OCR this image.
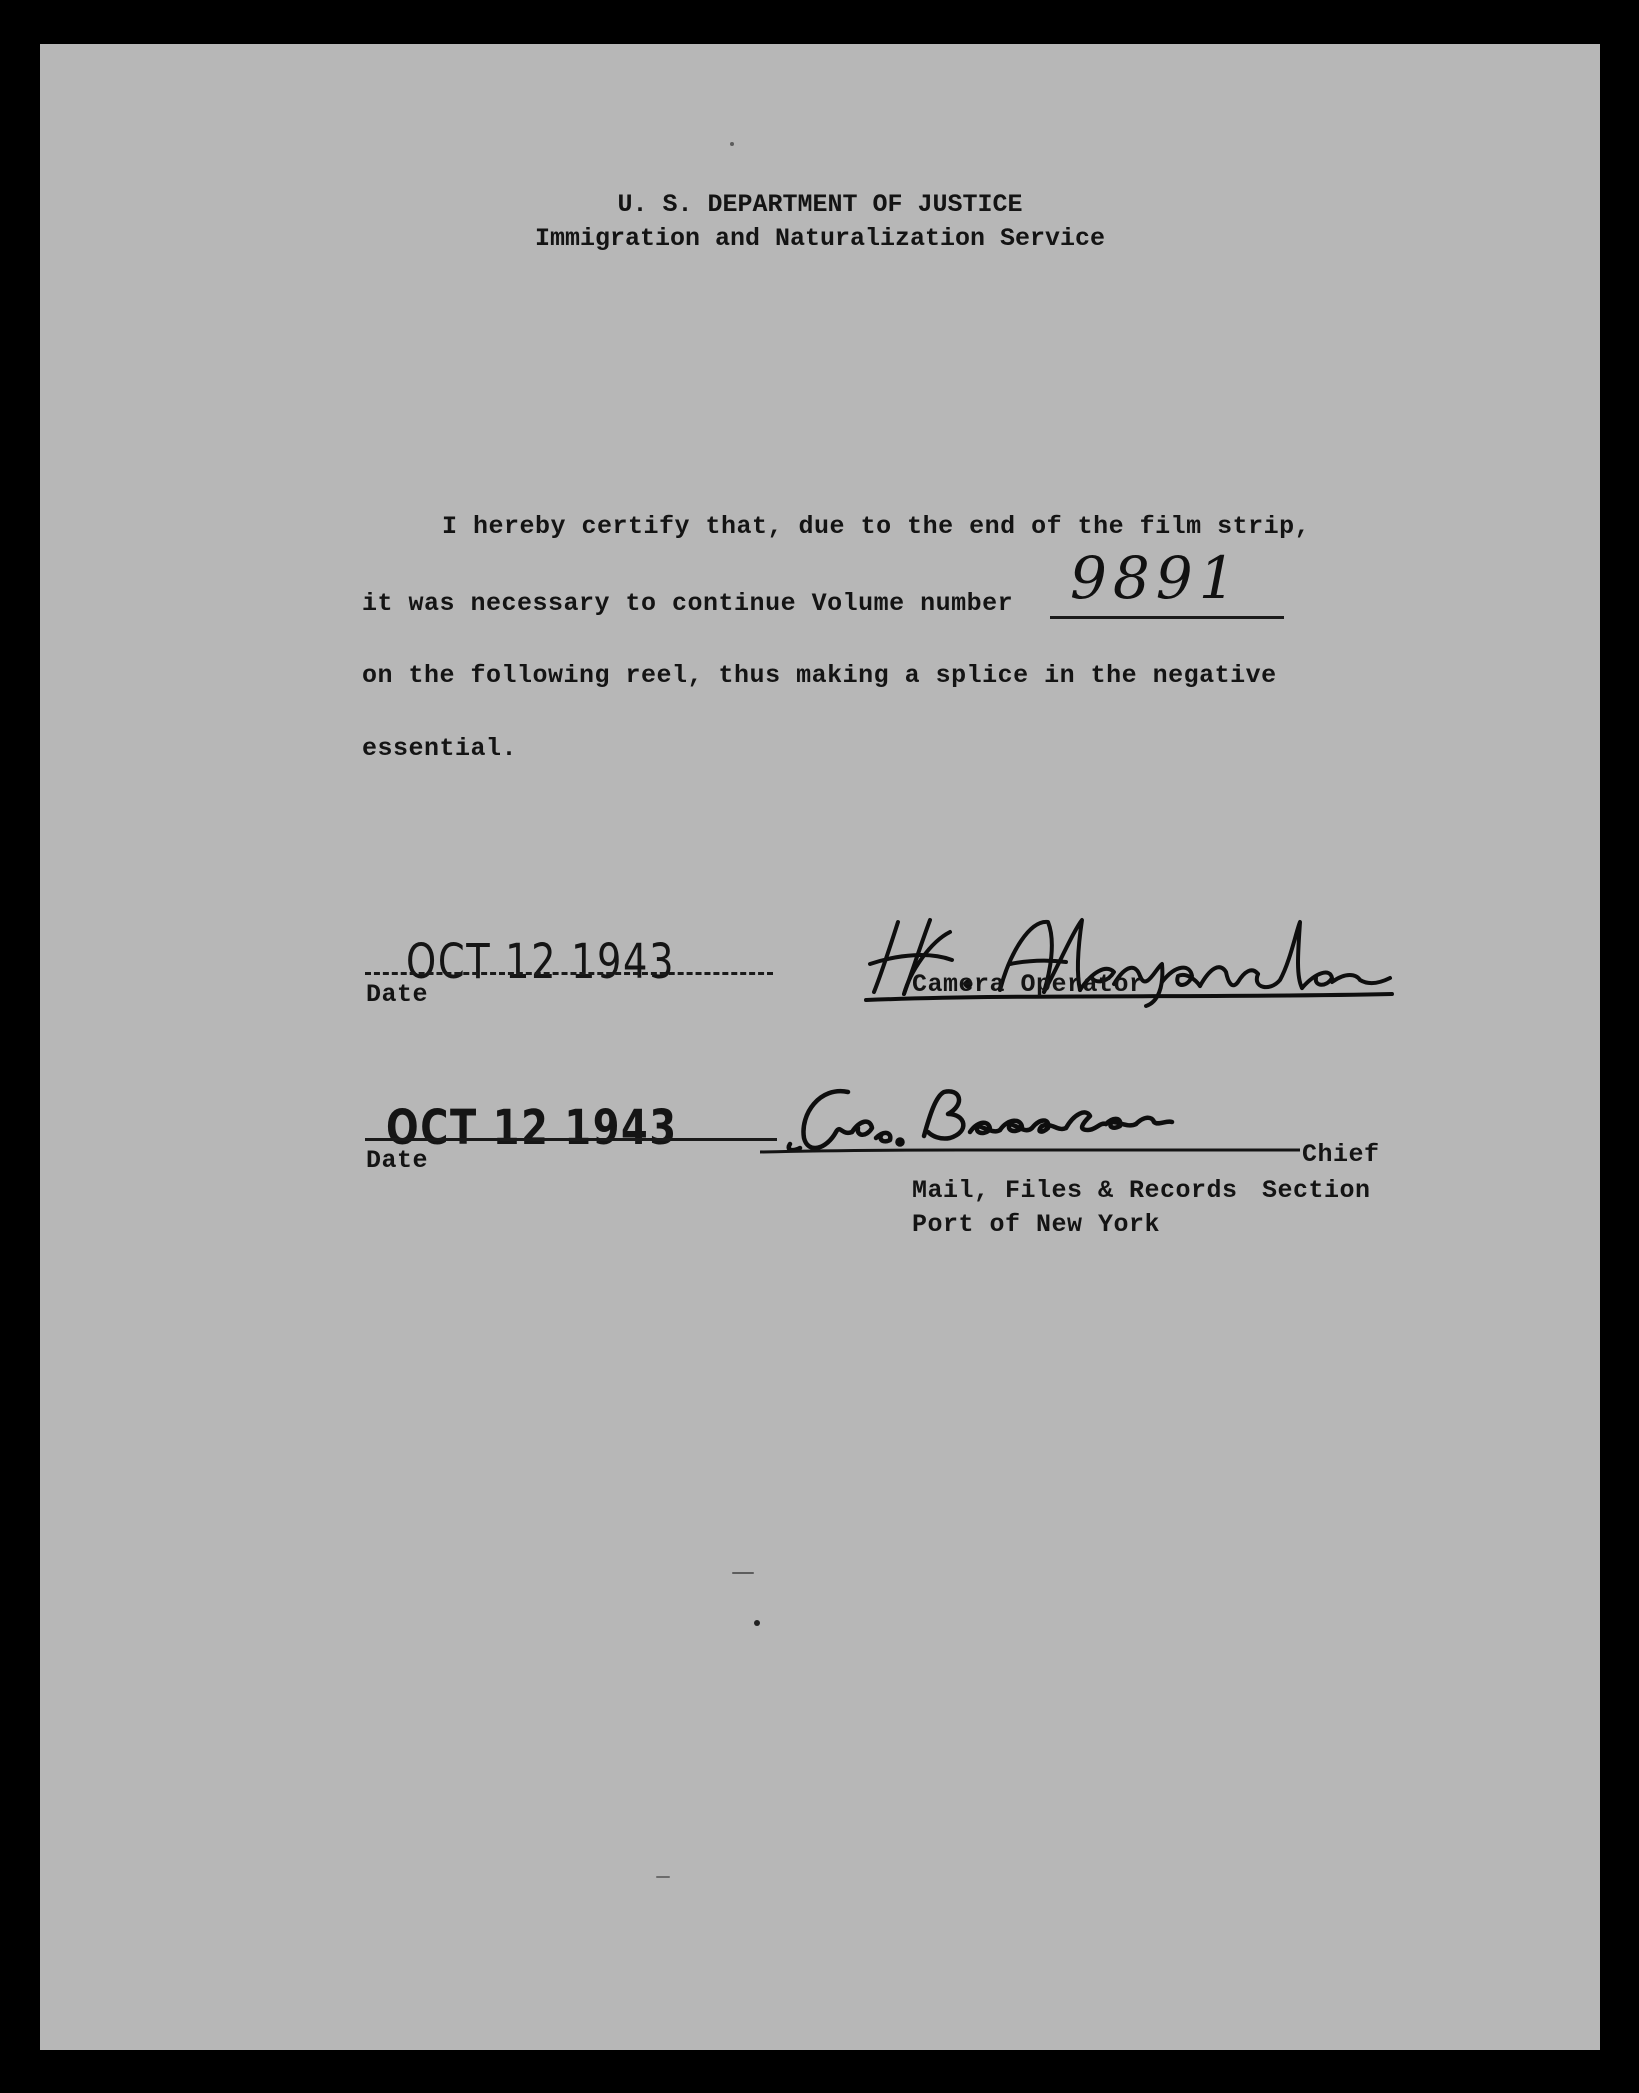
U. S. DEPARTMENT OF JUSTICE
Immigration and Naturalization Service
I hereby certify that, due to the end of the film strip,
it was necessary to continue Volume number 9891
on the following reel, thus making a splice in the negative
essential.
OCT 12 1943
Date	Camera Operator
OCT 12 1943
Date	Chief
Mail, Files & Records Section
Port of New York
